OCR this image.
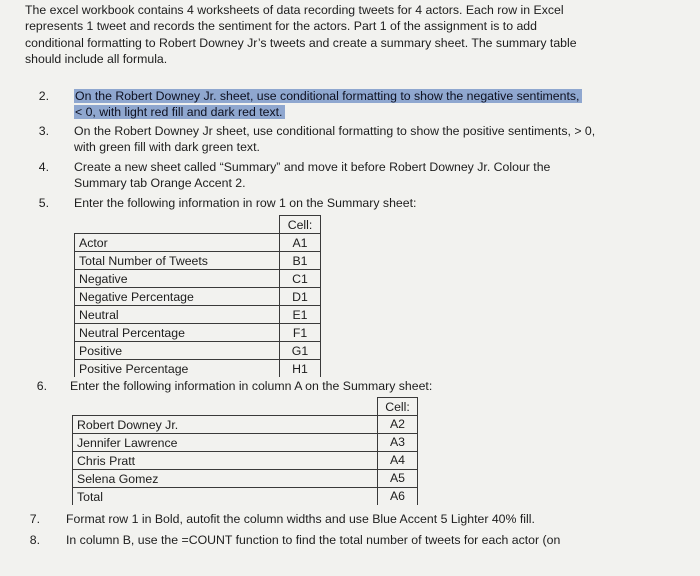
The excel workbook contains 4 worksheets of data recording tweets for 4 actors. Each row in Excel
represents 1 tweet and records the sentiment for the actors. Part 1 of the assignment is to add
conditional formatting to Robert Downey Jr’s tweets and create a summary sheet. The summary table
should include all formula.
2. On the Robert Downey Jr. sheet, use conditional formatting to show the negative sentiments,
< 0, with light red fill and dark red text.
3. On the Robert Downey Jr sheet, use conditional formatting to show the positive sentiments, > 0,
with green fill with dark green text.
4. Create a new sheet called “Summary” and move it before Robert Downey Jr. Colour the
Summary tab Orange Accent 2.
5. Enter the following information in row 1 on the Summary sheet:
	Cell:
Actor	A1
Total Number of Tweets	B1
Negative	C1
Negative Percentage	D1
Neutral	E1
Neutral Percentage	F1
Positive	G1
Positive Percentage	H1
6. Enter the following information in column A on the Summary sheet:
	Cell:
Robert Downey Jr.	A2
Jennifer Lawrence	A3
Chris Pratt	A4
Selena Gomez	A5
Total	A6
7. Format row 1 in Bold, autofit the column widths and use Blue Accent 5 Lighter 40% fill.
8. In column B, use the =COUNT function to find the total number of tweets for each actor (on
